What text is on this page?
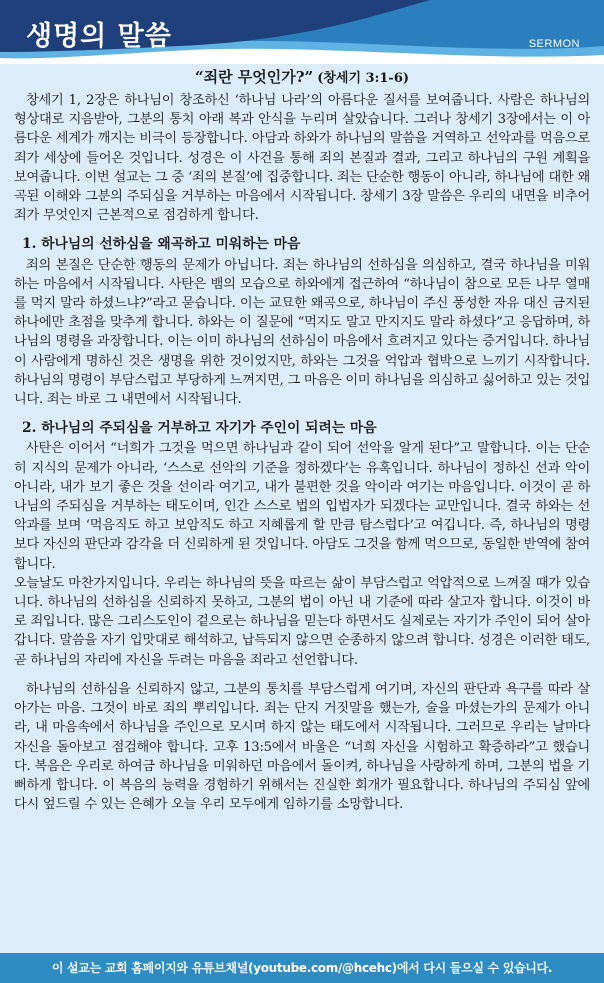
생명의 말씀	SERMON
“죄란 무엇인가?” (창세기 3:1-6)

창세기 1, 2장은 하나님이 창조하신 ‘하나님 나라’의 아름다운 질서를 보여줍니다. 사람은 하나님의 형상대로 지음받아, 그분의 통치 아래 복과 안식을 누리며 살았습니다. 그러나 창세기 3장에서는 이 아름다운 세계가 깨지는 비극이 등장합니다. 아담과 하와가 하나님의 말씀을 거역하고 선악과를 먹음으로 죄가 세상에 들어온 것입니다. 성경은 이 사건을 통해 죄의 본질과 결과, 그리고 하나님의 구원 계획을 보여줍니다. 이번 설교는 그 중 ‘죄의 본질’에 집중합니다. 죄는 단순한 행동이 아니라, 하나님에 대한 왜곡된 이해와 그분의 주되심을 거부하는 마음에서 시작됩니다. 창세기 3장 말씀은 우리의 내면을 비추어 죄가 무엇인지 근본적으로 점검하게 합니다.

1. 하나님의 선하심을 왜곡하고 미워하는 마음

죄의 본질은 단순한 행동의 문제가 아닙니다. 죄는 하나님의 선하심을 의심하고, 결국 하나님을 미워하는 마음에서 시작됩니다. 사탄은 뱀의 모습으로 하와에게 접근하여 “하나님이 참으로 모든 나무 열매를 먹지 말라 하셨느냐?”라고 묻습니다. 이는 교묘한 왜곡으로, 하나님이 주신 풍성한 자유 대신 금지된 하나에만 초점을 맞추게 합니다. 하와는 이 질문에 “먹지도 말고 만지지도 말라 하셨다”고 응답하며, 하나님의 명령을 과장합니다. 이는 이미 하나님의 선하심이 마음에서 흐려지고 있다는 증거입니다. 하나님이 사람에게 명하신 것은 생명을 위한 것이었지만, 하와는 그것을 억압과 협박으로 느끼기 시작합니다. 하나님의 명령이 부담스럽고 부당하게 느껴지면, 그 마음은 이미 하나님을 의심하고 싫어하고 있는 것입니다. 죄는 바로 그 내면에서 시작됩니다.

2. 하나님의 주되심을 거부하고 자기가 주인이 되려는 마음

사탄은 이어서 “너희가 그것을 먹으면 하나님과 같이 되어 선악을 알게 된다”고 말합니다. 이는 단순히 지식의 문제가 아니라, ‘스스로 선악의 기준을 정하겠다’는 유혹입니다. 하나님이 정하신 선과 악이 아니라, 내가 보기 좋은 것을 선이라 여기고, 내가 불편한 것을 악이라 여기는 마음입니다. 이것이 곧 하나님의 주되심을 거부하는 태도이며, 인간 스스로 법의 입법자가 되겠다는 교만입니다. 결국 하와는 선악과를 보며 ‘먹음직도 하고 보암직도 하고 지혜롭게 할 만큼 탐스럽다’고 여깁니다. 즉, 하나님의 명령보다 자신의 판단과 감각을 더 신뢰하게 된 것입니다. 아담도 그것을 함께 먹으므로, 동일한 반역에 참여합니다.

오늘날도 마찬가지입니다. 우리는 하나님의 뜻을 따르는 삶이 부담스럽고 억압적으로 느껴질 때가 있습니다. 하나님의 선하심을 신뢰하지 못하고, 그분의 법이 아닌 내 기준에 따라 살고자 합니다. 이것이 바로 죄입니다. 많은 그리스도인이 겉으로는 하나님을 믿는다 하면서도 실제로는 자기가 주인이 되어 살아갑니다. 말씀을 자기 입맛대로 해석하고, 납득되지 않으면 순종하지 않으려 합니다. 성경은 이러한 태도, 곧 하나님의 자리에 자신을 두려는 마음을 죄라고 선언합니다.

하나님의 선하심을 신뢰하지 않고, 그분의 통치를 부담스럽게 여기며, 자신의 판단과 욕구를 따라 살아가는 마음. 그것이 바로 죄의 뿌리입니다. 죄는 단지 거짓말을 했는가, 술을 마셨는가의 문제가 아니라, 내 마음속에서 하나님을 주인으로 모시며 하지 않는 태도에서 시작됩니다. 그러므로 우리는 날마다 자신을 돌아보고 점검해야 합니다. 고후 13:5에서 바울은 “너희 자신을 시험하고 확증하라”고 했습니다. 복음은 우리로 하여금 하나님을 미워하던 마음에서 돌이켜, 하나님을 사랑하게 하며, 그분의 법을 기뻐하게 합니다. 이 복음의 능력을 경험하기 위해서는 진실한 회개가 필요합니다. 하나님의 주되심 앞에 다시 엎드릴 수 있는 은혜가 오늘 우리 모두에게 임하기를 소망합니다.

이 설교는 교회 홈페이지와 유튜브채널(youtube.com/@hcehc)에서 다시 들으실 수 있습니다.
